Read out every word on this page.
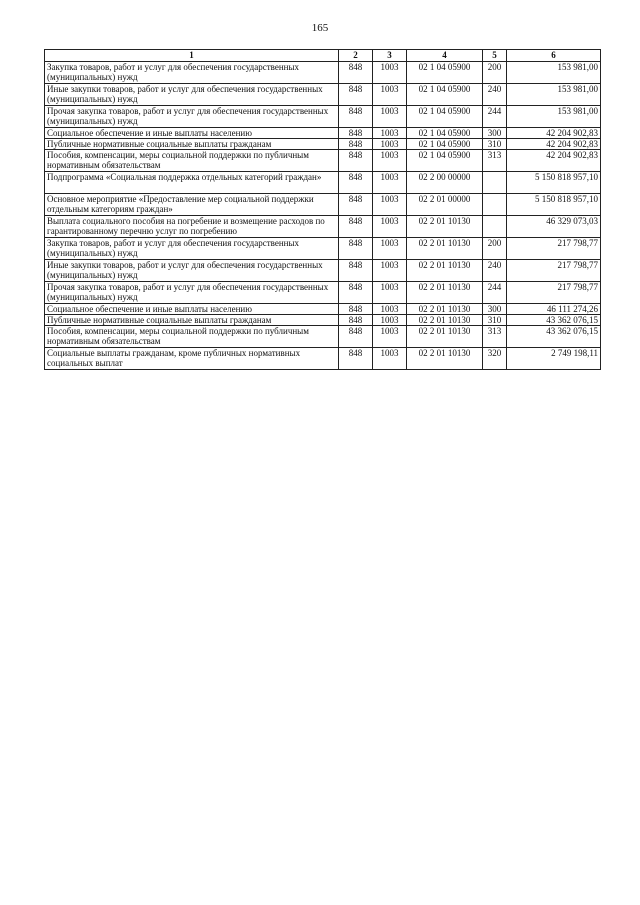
165
1	2	3	4	5	6
Закупка товаров, работ и услуг для обеспечения государственных (муниципальных) нужд	848	1003	02 1 04 05900	200	153 981,00
Иные закупки товаров, работ и услуг для обеспечения государственных (муниципальных) нужд	848	1003	02 1 04 05900	240	153 981,00
Прочая закупка товаров, работ и услуг для обеспечения государственных (муниципальных) нужд	848	1003	02 1 04 05900	244	153 981,00
Социальное обеспечение и иные выплаты населению	848	1003	02 1 04 05900	300	42 204 902,83
Публичные нормативные социальные выплаты гражданам	848	1003	02 1 04 05900	310	42 204 902,83
Пособия, компенсации, меры социальной поддержки по публичным нормативным обязательствам	848	1003	02 1 04 05900	313	42 204 902,83
Подпрограмма «Социальная поддержка отдельных категорий граждан»	848	1003	02 2 00 00000		5 150 818 957,10
Основное мероприятие «Предоставление мер социальной поддержки отдельным категориям граждан»	848	1003	02 2 01 00000		5 150 818 957,10
Выплата социального пособия на погребение и возмещение расходов по гарантированному перечню услуг по погребению	848	1003	02 2 01 10130		46 329 073,03
Закупка товаров, работ и услуг для обеспечения государственных (муниципальных) нужд	848	1003	02 2 01 10130	200	217 798,77
Иные закупки товаров, работ и услуг для обеспечения государственных (муниципальных) нужд	848	1003	02 2 01 10130	240	217 798,77
Прочая закупка товаров, работ и услуг для обеспечения государственных (муниципальных) нужд	848	1003	02 2 01 10130	244	217 798,77
Социальное обеспечение и иные выплаты населению	848	1003	02 2 01 10130	300	46 111 274,26
Публичные нормативные социальные выплаты гражданам	848	1003	02 2 01 10130	310	43 362 076,15
Пособия, компенсации, меры социальной поддержки по публичным нормативным обязательствам	848	1003	02 2 01 10130	313	43 362 076,15
Социальные выплаты гражданам, кроме публичных нормативных социальных выплат	848	1003	02 2 01 10130	320	2 749 198,11
